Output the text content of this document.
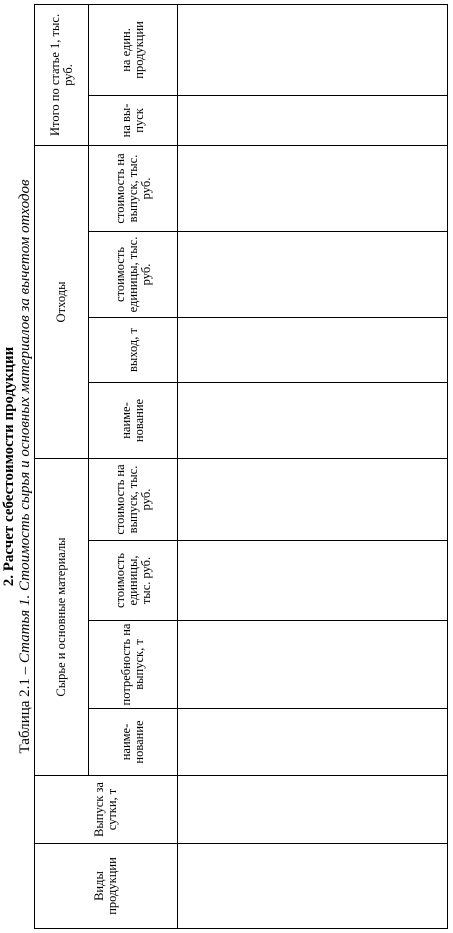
2. Расчет себестоимости продукции
Таблица 2.1 – Статья 1. Стоимость сырья и основных материалов за вычетом отходов
Виды продукции	Выпуск за сутки, т	Сырье и основные материалы				Отходы				Итого по статье 1, тыс. руб.	
		наиме- нование	потребность на выпуск, т	стоимость единицы, тыс. руб.	стоимость на выпуск, тыс. руб.	наиме- нование	выход, т	стоимость единицы, тыс. руб.	стоимость на выпуск, тыс. руб.	на вы- пуск	на един. продукции
